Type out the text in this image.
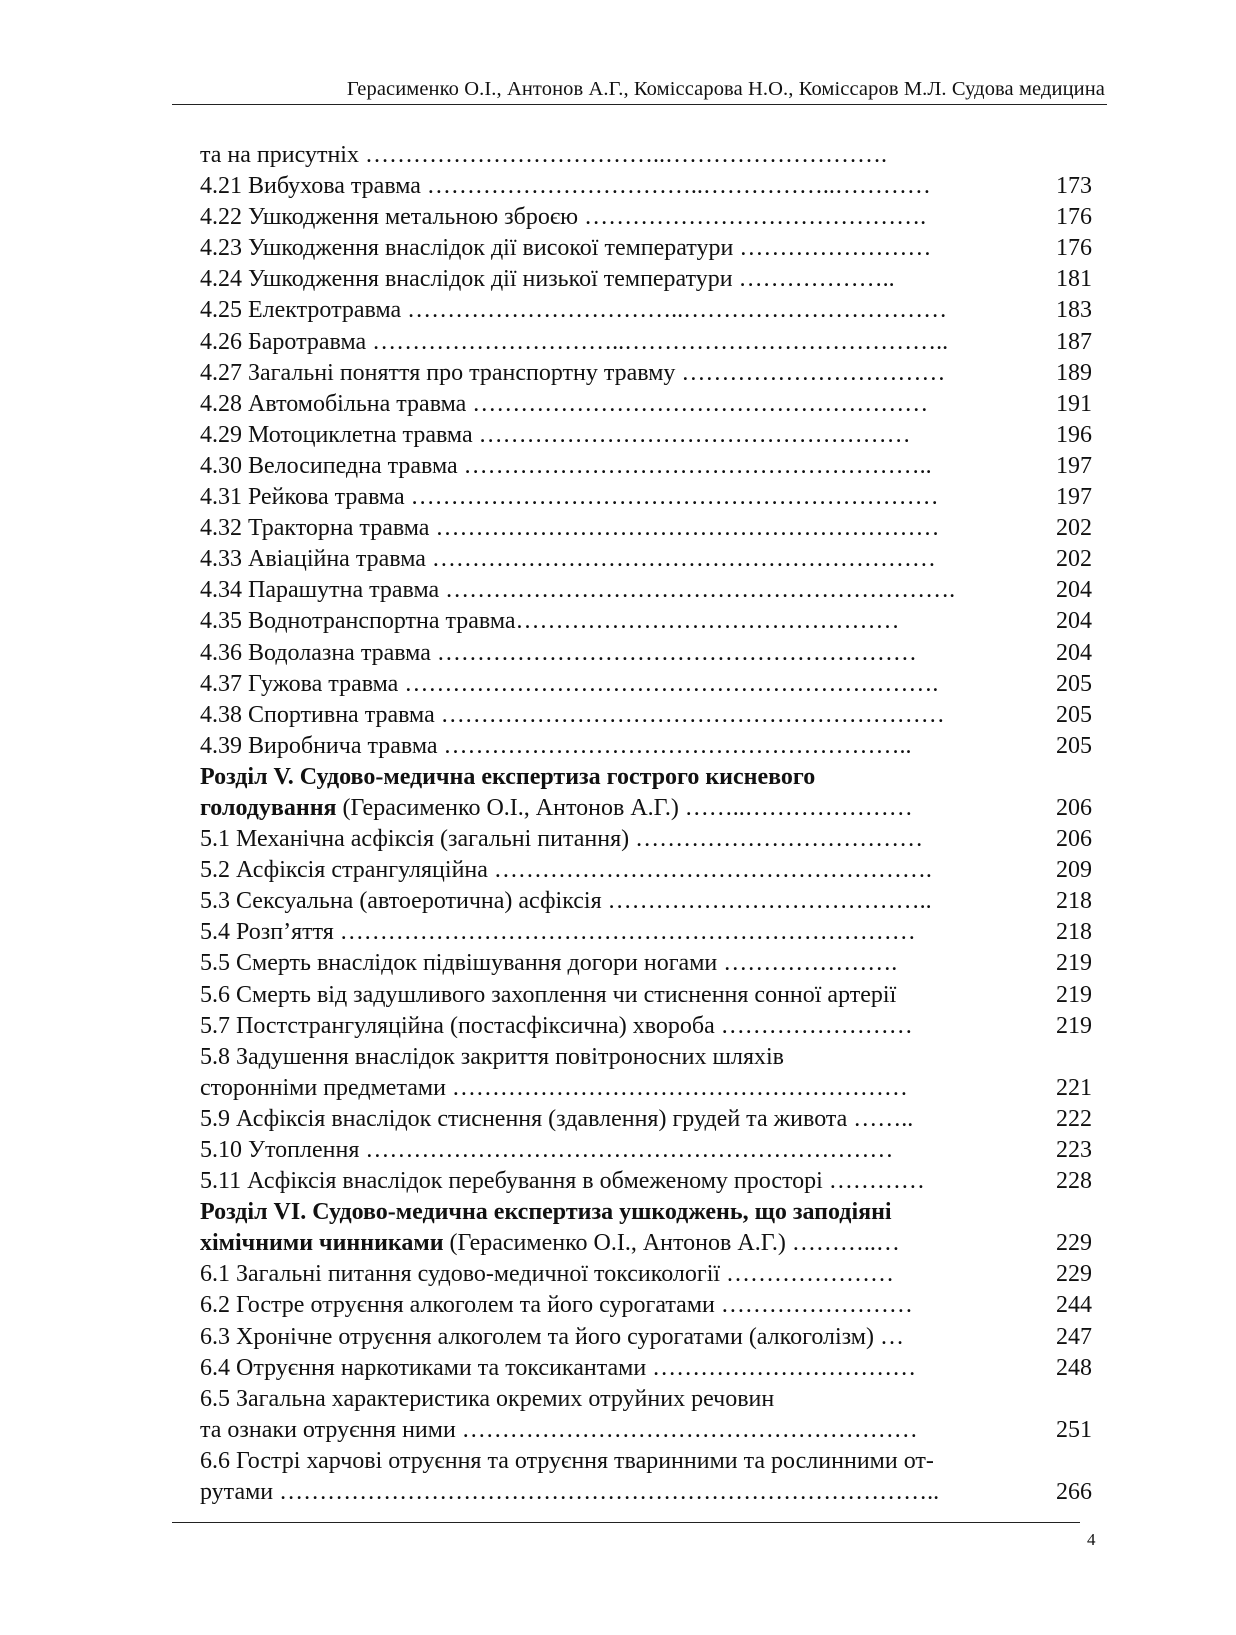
Герасименко О.І., Антонов А.Г., Коміссарова Н.О., Коміссаров М.Л. Судова медицина
та на присутніх ………………………………..……………………….
4.21 Вибухова травма ……………………………..……………..…………	173
4.22 Ушкодження метальною зброєю …………………………………….	176
4.23 Ушкодження внаслідок дії високої температури ……………………	176
4.24 Ушкодження внаслідок дії низької температури ………………..	181
4.25 Електротравма ……………………………..……………………………	183
4.26 Баротравма …………………………..…………………………………..	187
4.27 Загальні поняття про транспортну травму ……………………………	189
4.28 Автомобільна травма …………………………………………………	191
4.29 Мотоциклетна травма ………………………………………………	196
4.30 Велосипедна травма …………………………………………………..	197
4.31 Рейкова травма …………………………………………………………	197
4.32 Тракторна травма ………………………………………………………	202
4.33 Авіаційна травма ………………………………………………………	202
4.34 Парашутна травма ……………………………………………………….	204
4.35 Воднотранспортна травма…………………………………………	204
4.36 Водолазна травма ……………………………………………………	204
4.37 Гужова травма ………………………………………………………….	205
4.38 Спортивна травма ………………………………………………………	205
4.39 Виробнича травма …………………………………………………..	205
Розділ V. Судово-медична експертиза гострого кисневого
голодування (Герасименко О.І., Антонов А.Г.) ……..…………………	206
5.1 Механічна асфіксія (загальні питання) ………………………………	206
5.2 Асфіксія странгуляційна ……………………………………………….	209
5.3 Сексуальна (автоеротична) асфіксія …………………………………..	218
5.4 Розп’яття ………………………………………………………………	218
5.5 Смерть внаслідок підвішування догори ногами ………………….	219
5.6 Смерть від задушливого захоплення чи стиснення сонної артерії	219
5.7 Постстрангуляційна (постасфіксична) хвороба ……………………	219
5.8 Задушення внаслідок закриття повітроносних шляхів
сторонніми предметами …………………………………………………	221
5.9 Асфіксія внаслідок стиснення (здавлення) грудей та живота ……..	222
5.10 Утоплення …………………………………………………………	223
5.11 Асфіксія внаслідок перебування в обмеженому просторі …………	228
Розділ VI. Судово-медична експертиза ушкоджень, що заподіяні
хімічними чинниками (Герасименко О.І., Антонов А.Г.) ………..…	229
6.1 Загальні питання судово-медичної токсикології …………………	229
6.2 Гостре отруєння алкоголем та його сурогатами ……………………	244
6.3 Хронічне отруєння алкоголем та його сурогатами (алкоголізм) …	247
6.4 Отруєння наркотиками та токсикантами ……………………………	248
6.5 Загальна характеристика окремих отруйних речовин
та ознаки отруєння ними …………………………………………………	251
6.6 Гострі харчові отруєння та отруєння тваринними та рослинними от-
рутами ………………………………………………………………………..	266
4
